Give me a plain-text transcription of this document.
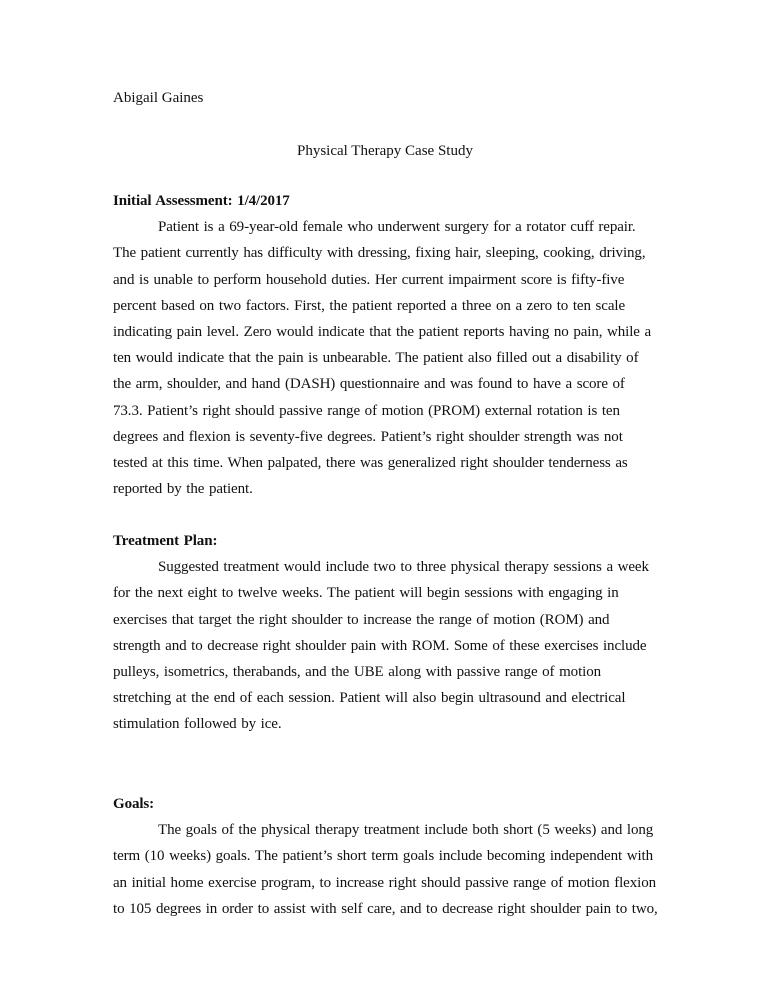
Abigail Gaines
Physical Therapy Case Study
Initial Assessment: 1/4/2017
Patient is a 69-year-old female who underwent surgery for a rotator cuff repair.
The patient currently has difficulty with dressing, fixing hair, sleeping, cooking, driving,
and is unable to perform household duties. Her current impairment score is fifty-five
percent based on two factors. First, the patient reported a three on a zero to ten scale
indicating pain level. Zero would indicate that the patient reports having no pain, while a
ten would indicate that the pain is unbearable. The patient also filled out a disability of
the arm, shoulder, and hand (DASH) questionnaire and was found to have a score of
73.3. Patient’s right should passive range of motion (PROM) external rotation is ten
degrees and flexion is seventy-five degrees. Patient’s right shoulder strength was not
tested at this time. When palpated, there was generalized right shoulder tenderness as
reported by the patient.
Treatment Plan:
Suggested treatment would include two to three physical therapy sessions a week
for the next eight to twelve weeks. The patient will begin sessions with engaging in
exercises that target the right shoulder to increase the range of motion (ROM) and
strength and to decrease right shoulder pain with ROM. Some of these exercises include
pulleys, isometrics, therabands, and the UBE along with passive range of motion
stretching at the end of each session. Patient will also begin ultrasound and electrical
stimulation followed by ice.
Goals:
The goals of the physical therapy treatment include both short (5 weeks) and long
term (10 weeks) goals. The patient’s short term goals include becoming independent with
an initial home exercise program, to increase right should passive range of motion flexion
to 105 degrees in order to assist with self care, and to decrease right shoulder pain to two,
